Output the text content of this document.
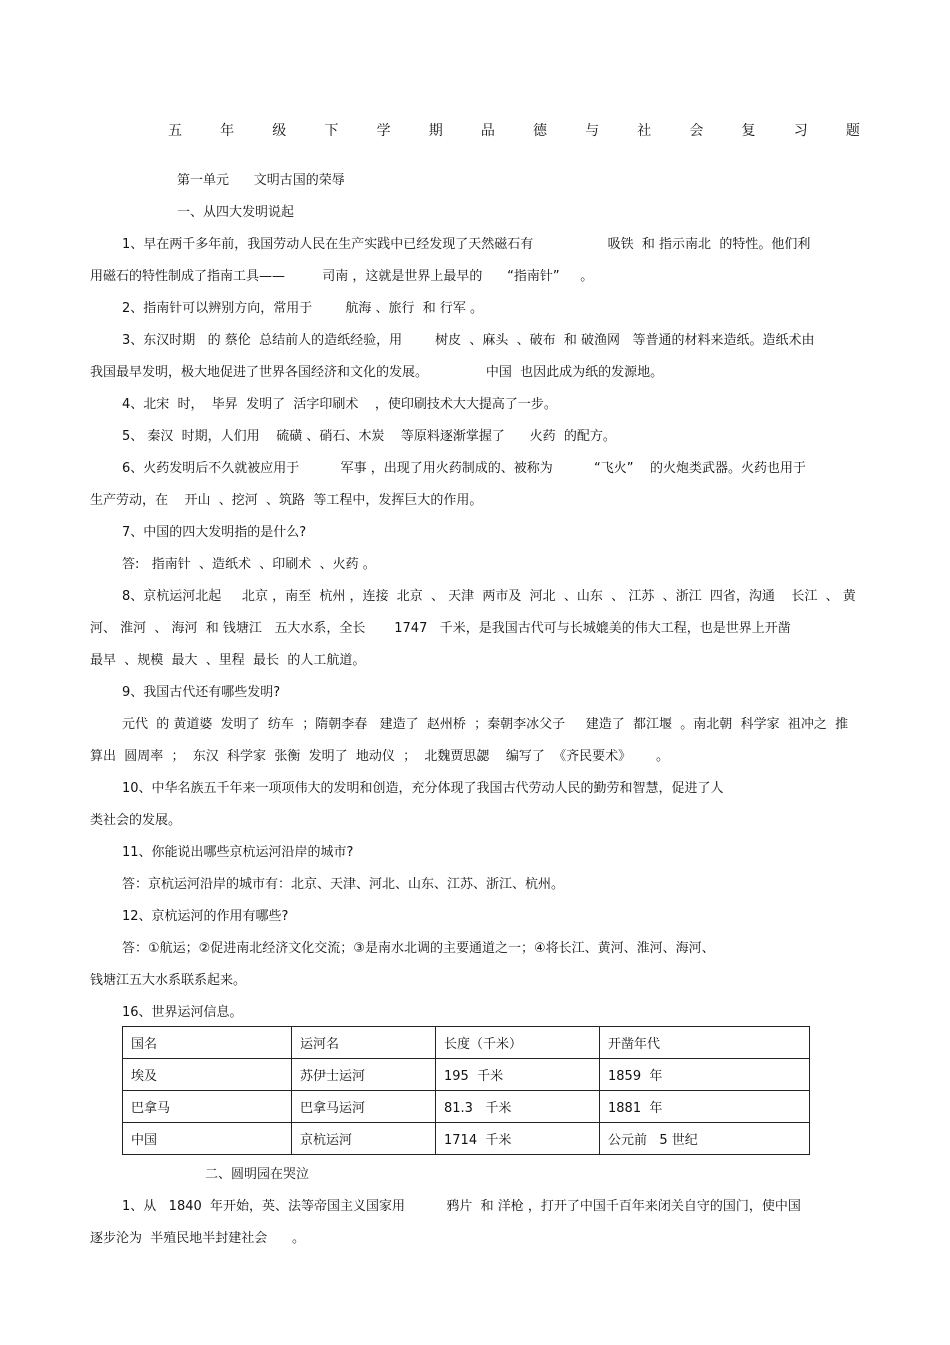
五	年	级	下	学	期	品	德	与	社	会	复	习	题
第一单元      文明古国的荣辱
一、从四大发明说起
1、早在两千多年前，我国劳动人民在生产实践中已经发现了天然磁石有                  吸铁  和 指示南北  的特性。他们利
用磁石的特性制成了指南工具——         司南 ，这就是世界上最早的      “指南针”     。
2、指南针可以辨别方向，常用于        航海 、旅行  和 行军 。
3、东汉时期   的 蔡伦  总结前人的造纸经验，用        树皮  、麻头  、破布  和 破渔网   等普通的材料来造纸。造纸术由
我国最早发明，极大地促进了世界各国经济和文化的发展。              中国  也因此成为纸的发源地。
4、北宋  时，  毕昇  发明了  活字印刷术    ，使印刷技术大大提高了一步。
5、 秦汉  时期，人们用    硫磺 、硝石、木炭    等原料逐渐掌握了      火药  的配方。
6、火药发明后不久就被应用于          军事 ，出现了用火药制成的、被称为          “飞火”    的火炮类武器。火药也用于
生产劳动，在    开山  、挖河  、筑路  等工程中，发挥巨大的作用。
7、中国的四大发明指的是什么?
答:   指南针  、造纸术  、印刷术  、火药 。
8、京杭运河北起     北京 ，南至  杭州 ，连接  北京  、 天津  两市及  河北  、山东  、 江苏  、浙江  四省，沟通    长江  、 黄
河、 淮河  、 海河  和 钱塘江   五大水系，全长       1747   千米，是我国古代可与长城媲美的伟大工程，也是世界上开凿
最早  、规模  最大  、里程  最长  的人工航道。
9、我国古代还有哪些发明?
元代  的 黄道婆  发明了  纺车  ；隋朝李春   建造了  赵州桥  ；秦朝李冰父子     建造了  都江堰  。南北朝  科学家  祖冲之  推
算出  圆周率  ；  东汉  科学家  张衡  发明了  地动仪  ；  北魏贾思勰    编写了  《齐民要术》      。
10、中华名族五千年来一项项伟大的发明和创造，充分体现了我国古代劳动人民的勤劳和智慧，促进了人
类社会的发展。
11、你能说出哪些京杭运河沿岸的城市?
答：京杭运河沿岸的城市有：北京、天津、河北、山东、江苏、浙江、杭州。
12、京杭运河的作用有哪些?
答：①航运；②促进南北经济文化交流；③是南水北调的主要通道之一；④将长江、黄河、淮河、海河、
钱塘江五大水系联系起来。
16、世界运河信息。
国名	运河名	长度（千米）	开凿年代
埃及	苏伊士运河	195  千米	1859  年
巴拿马	巴拿马运河	81.3   千米	1881  年
中国	京杭运河	1714  千米	公元前   5 世纪
二、圆明园在哭泣
1、从   1840  年开始，英、法等帝国主义国家用          鸦片  和 洋枪 ，打开了中国千百年来闭关自守的国门，使中国
逐步沦为  半殖民地半封建社会      。
